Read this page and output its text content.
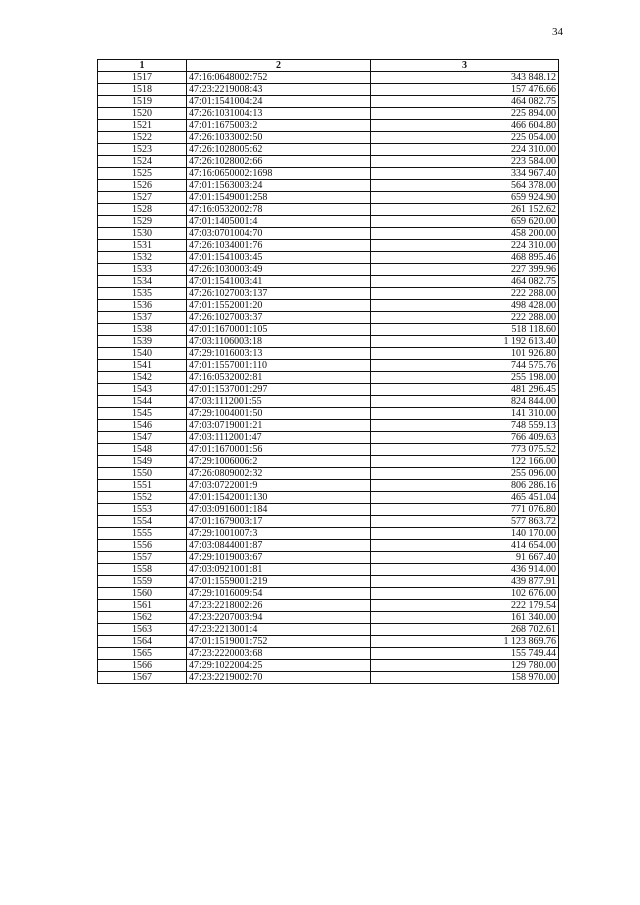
34
1	2	3
1517	47:16:0648002:752	343 848.12
1518	47:23:2219008:43	157 476.66
1519	47:01:1541004:24	464 082.75
1520	47:26:1031004:13	225 894.00
1521	47:01:1675003:2	466 604.80
1522	47:26:1033002:50	225 054.00
1523	47:26:1028005:62	224 310.00
1524	47:26:1028002:66	223 584.00
1525	47:16:0650002:1698	334 967.40
1526	47:01:1563003:24	564 378.00
1527	47:01:1549001:258	659 924.90
1528	47:16:0532002:78	261 152.62
1529	47:01:1405001:4	659 620.00
1530	47:03:0701004:70	458 200.00
1531	47:26:1034001:76	224 310.00
1532	47:01:1541003:45	468 895.46
1533	47:26:1030003:49	227 399.96
1534	47:01:1541003:41	464 082.75
1535	47:26:1027003:137	222 288.00
1536	47:01:1552001:20	498 428.00
1537	47:26:1027003:37	222 288.00
1538	47:01:1670001:105	518 118.60
1539	47:03:1106003:18	1 192 613.40
1540	47:29:1016003:13	101 926.80
1541	47:01:1557001:110	744 575.76
1542	47:16:0532002:81	255 198.00
1543	47:01:1537001:297	481 296.45
1544	47:03:1112001:55	824 844.00
1545	47:29:1004001:50	141 310.00
1546	47:03:0719001:21	748 559.13
1547	47:03:1112001:47	766 409.63
1548	47:01:1670001:56	773 075.52
1549	47:29:1006006:2	122 166.00
1550	47:26:0809002:32	255 096.00
1551	47:03:0722001:9	806 286.16
1552	47:01:1542001:130	465 451.04
1553	47:03:0916001:184	771 076.80
1554	47:01:1679003:17	577 863.72
1555	47:29:1001007:3	140 170.00
1556	47:03:0844001:87	414 654.00
1557	47:29:1019003:67	91 667.40
1558	47:03:0921001:81	436 914.00
1559	47:01:1559001:219	439 877.91
1560	47:29:1016009:54	102 676.00
1561	47:23:2218002:26	222 179.54
1562	47:23:2207003:94	161 340.00
1563	47:23:2213001:4	268 702.61
1564	47:01:1519001:752	1 123 869.76
1565	47:23:2220003:68	155 749.44
1566	47:29:1022004:25	129 780.00
1567	47:23:2219002:70	158 970.00
